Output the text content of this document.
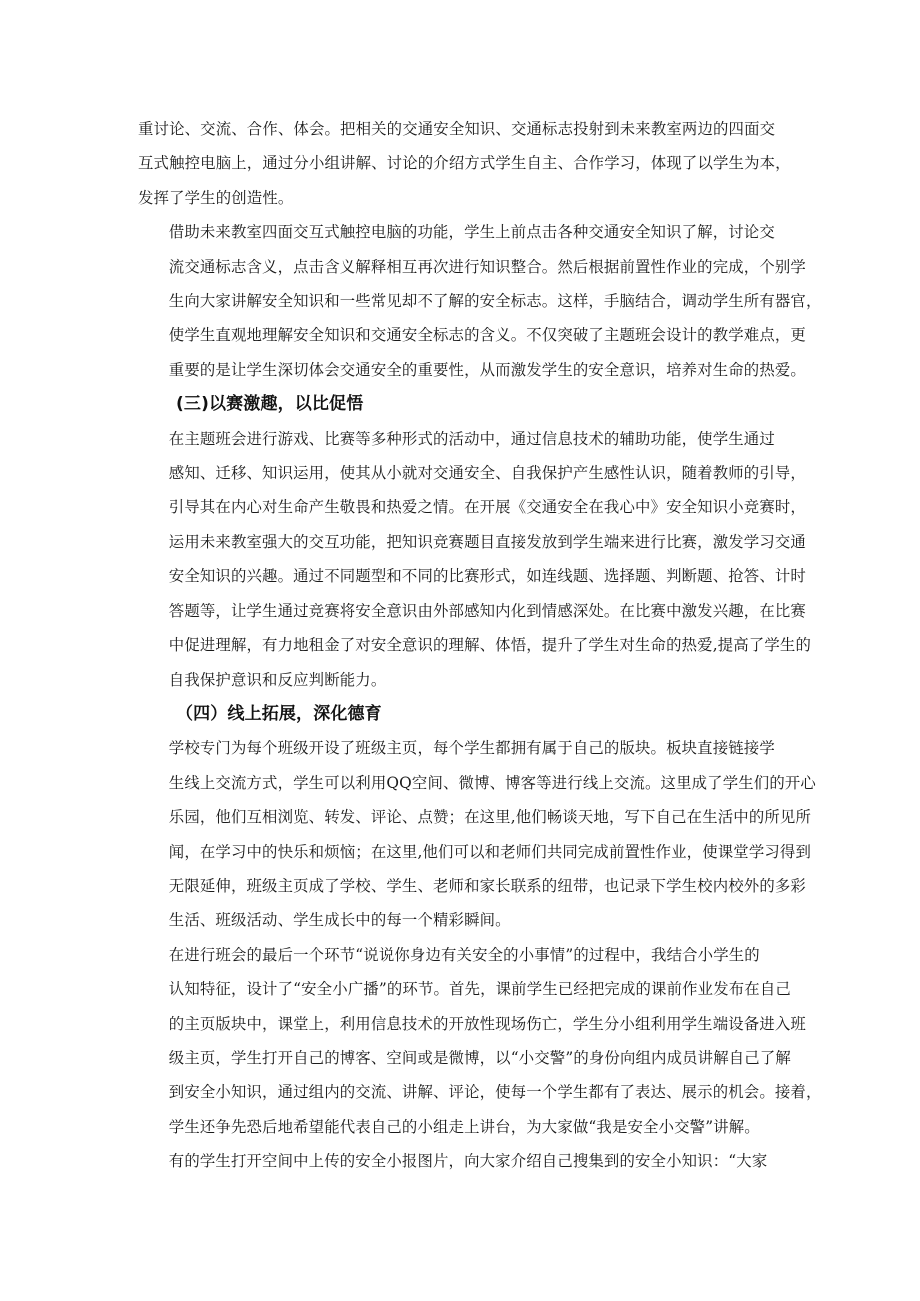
重讨论、交流、合作、体会。把相关的交通安全知识、交通标志投射到未来教室两边的四面交
互式触控电脑上，通过分小组讲解、讨论的介绍方式学生自主、合作学习，体现了以学生为本，
发挥了学生的创造性。

借助未来教室四面交互式触控电脑的功能，学生上前点击各种交通安全知识了解，讨论交
流交通标志含义，点击含义解释相互再次进行知识整合。然后根据前置性作业的完成，个别学
生向大家讲解安全知识和一些常见却不了解的安全标志。这样，手脑结合，调动学生所有器官，
使学生直观地理解安全知识和交通安全标志的含义。不仅突破了主题班会设计的教学难点，更
重要的是让学生深切体会交通安全的重要性，从而激发学生的安全意识，培养对生命的热爱。

(三)以赛激趣，以比促悟

在主题班会进行游戏、比赛等多种形式的活动中，通过信息技术的辅助功能，使学生通过
感知、迁移、知识运用，使其从小就对交通安全、自我保护产生感性认识，随着教师的引导，
引导其在内心对生命产生敬畏和热爱之情。在开展《交通安全在我心中》安全知识小竞赛时，
运用未来教室强大的交互功能，把知识竞赛题目直接发放到学生端来进行比赛，激发学习交通
安全知识的兴趣。通过不同题型和不同的比赛形式，如连线题、选择题、判断题、抢答、计时
答题等，让学生通过竞赛将安全意识由外部感知内化到情感深处。在比赛中激发兴趣，在比赛
中促进理解，有力地租金了对安全意识的理解、体悟，提升了学生对生命的热爱,提高了学生的
自我保护意识和反应判断能力。

（四）线上拓展，深化德育

学校专门为每个班级开设了班级主页，每个学生都拥有属于自己的版块。板块直接链接学
生线上交流方式，学生可以利用QQ空间、微博、博客等进行线上交流。这里成了学生们的开心
乐园，他们互相浏览、转发、评论、点赞；在这里,他们畅谈天地，写下自己在生活中的所见所
闻，在学习中的快乐和烦恼；在这里,他们可以和老师们共同完成前置性作业，使课堂学习得到
无限延伸，班级主页成了学校、学生、老师和家长联系的纽带，也记录下学生校内校外的多彩
生活、班级活动、学生成长中的每一个精彩瞬间。

在进行班会的最后一个环节“说说你身边有关安全的小事情”的过程中，我结合小学生的
认知特征，设计了“安全小广播”的环节。首先，课前学生已经把完成的课前作业发布在自己
的主页版块中，课堂上，利用信息技术的开放性现场伤亡，学生分小组利用学生端设备进入班
级主页，学生打开自己的博客、空间或是微博，以“小交警”的身份向组内成员讲解自己了解
到安全小知识，通过组内的交流、讲解、评论，使每一个学生都有了表达、展示的机会。接着，
学生还争先恐后地希望能代表自己的小组走上讲台，为大家做“我是安全小交警”讲解。

有的学生打开空间中上传的安全小报图片，向大家介绍自己搜集到的安全小知识：“大家
